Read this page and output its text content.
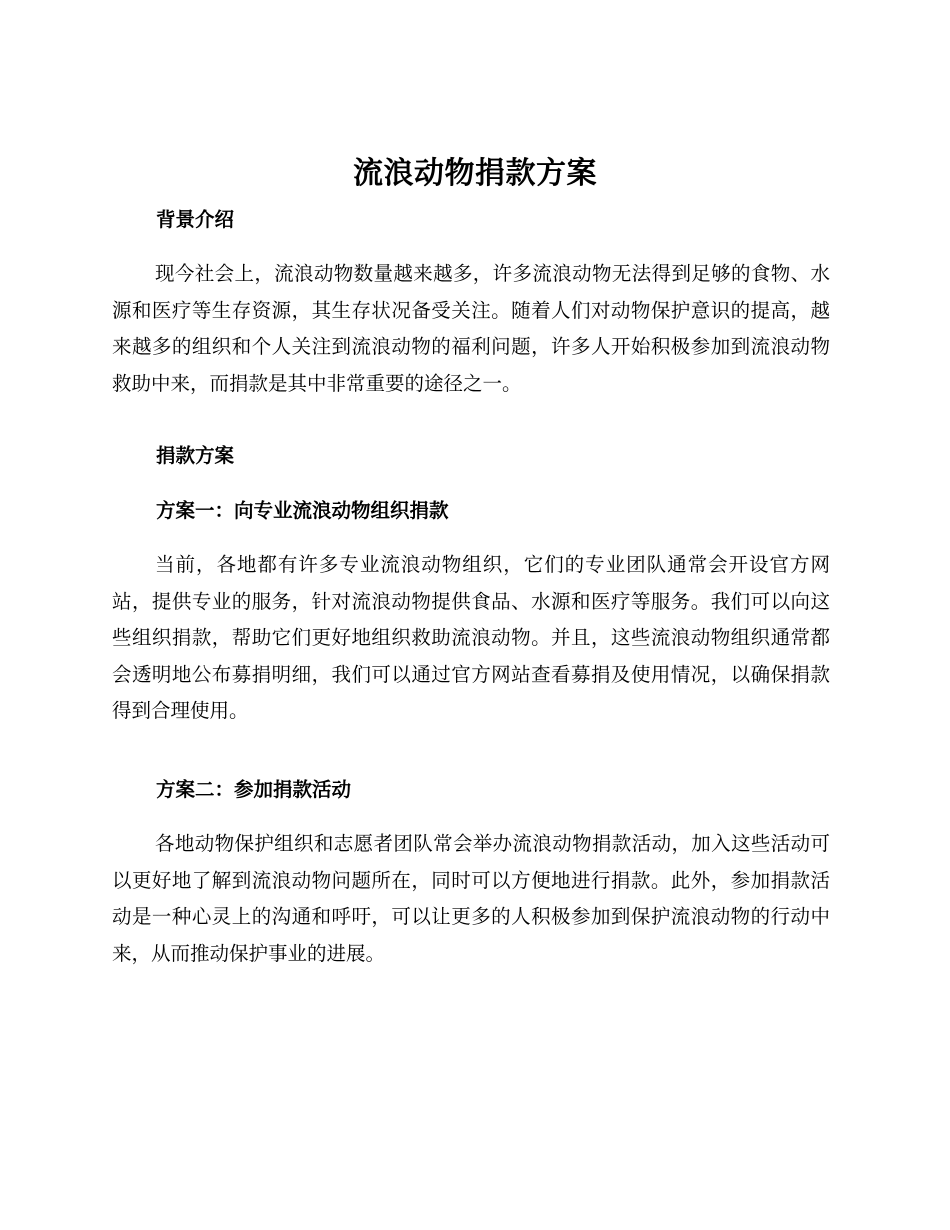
流浪动物捐款方案
背景介绍

现今社会上，流浪动物数量越来越多，许多流浪动物无法得到足够的食物、水源和医疗等生存资源，其生存状况备受关注。随着人们对动物保护意识的提高，越来越多的组织和个人关注到流浪动物的福利问题，许多人开始积极参加到流浪动物救助中来，而捐款是其中非常重要的途径之一。

捐款方案
方案一：向专业流浪动物组织捐款

当前，各地都有许多专业流浪动物组织，它们的专业团队通常会开设官方网站，提供专业的服务，针对流浪动物提供食品、水源和医疗等服务。我们可以向这些组织捐款，帮助它们更好地组织救助流浪动物。并且，这些流浪动物组织通常都会透明地公布募捐明细，我们可以通过官方网站查看募捐及使用情况，以确保捐款得到合理使用。

方案二：参加捐款活动

各地动物保护组织和志愿者团队常会举办流浪动物捐款活动，加入这些活动可以更好地了解到流浪动物问题所在，同时可以方便地进行捐款。此外，参加捐款活动是一种心灵上的沟通和呼吁，可以让更多的人积极参加到保护流浪动物的行动中来，从而推动保护事业的进展。
